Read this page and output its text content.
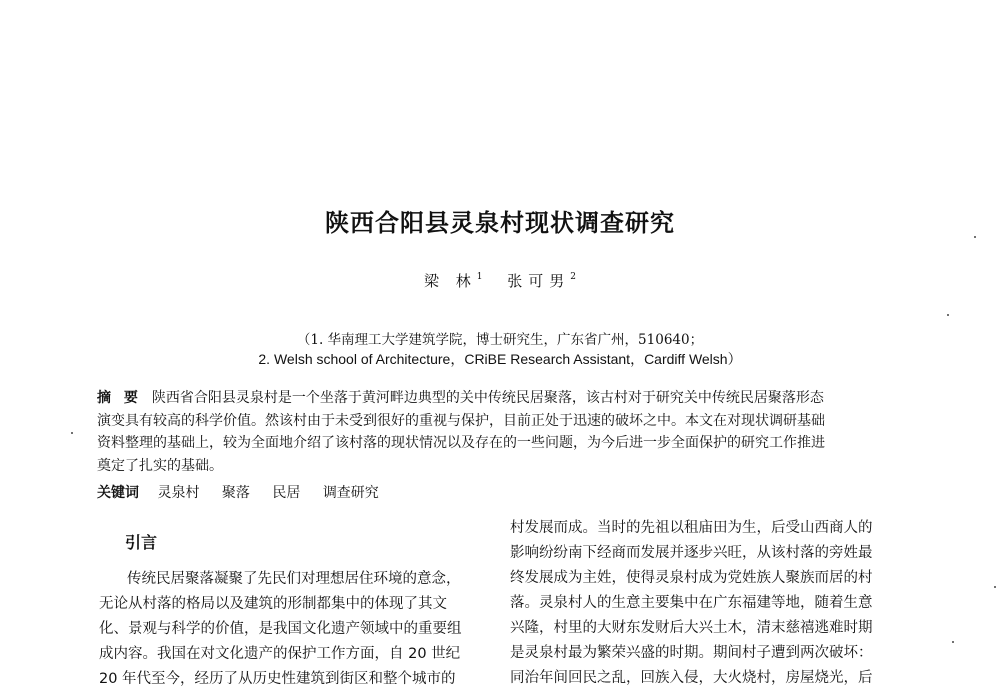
陕西合阳县灵泉村现状调查研究
梁 林$^1$ 张可男$^2$
（1. 华南理工大学建筑学院，博士研究生，广东省广州，510640；
2. Welsh school of Architecture，CRiBE Research Assistant，Cardiff Welsh）
摘 要 陕西省合阳县灵泉村是一个坐落于黄河畔边典型的关中传统民居聚落，该古村对于研究关中传统民居聚落形态
演变具有较高的科学价值。然该村由于未受到很好的重视与保护，目前正处于迅速的破坏之中。本文在对现状调研基础
资料整理的基础上，较为全面地介绍了该村落的现状情况以及存在的一些问题，为今后进一步全面保护的研究工作推进
奠定了扎实的基础。
关键词 灵泉村 聚落 民居 调查研究
引言
传统民居聚落凝聚了先民们对理想居住环境的意念，
无论从村落的格局以及建筑的形制都集中的体现了其文
化、景观与科学的价值，是我国文化遗产领域中的重要组
成内容。我国在对文化遗产的保护工作方面，自 20 世纪
20 年代至今，经历了从历史性建筑到街区和整个城市的
村发展而成。当时的先祖以租庙田为生，后受山西商人的
影响纷纷南下经商而发展并逐步兴旺，从该村落的旁姓最
终发展成为主姓，使得灵泉村成为党姓族人聚族而居的村
落。灵泉村人的生意主要集中在广东福建等地，随着生意
兴隆，村里的大财东发财后大兴土木，清末慈禧逃难时期
是灵泉村最为繁荣兴盛的时期。期间村子遭到两次破坏：
同治年间回民之乱，回族入侵，大火烧村，房屋烧光，后
